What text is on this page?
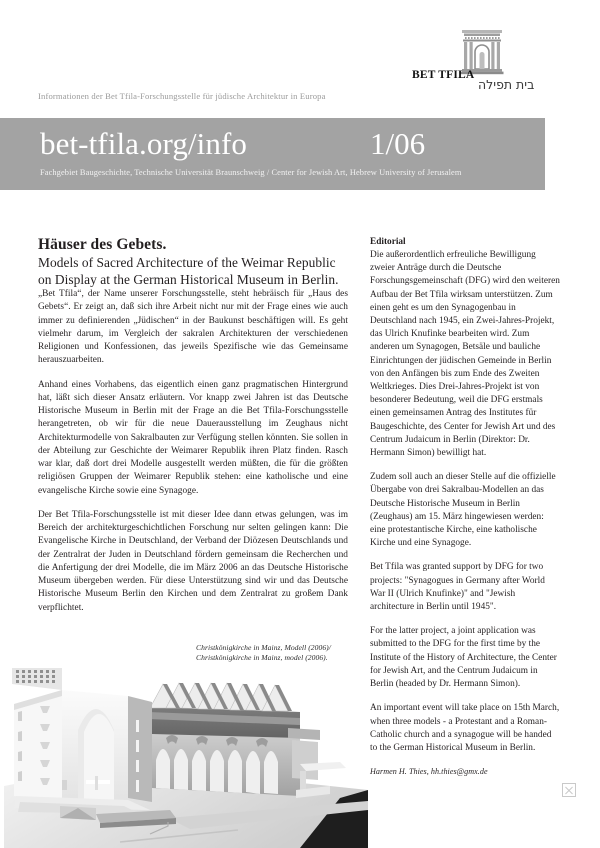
BET TFILA
בית תפילה
Informationen der Bet Tfila-Forschungsstelle für jüdische Architektur in Europa
bet-tfila.org/info	1/06
Fachgebiet Baugeschichte, Technische Universität Braunschweig / Center for Jewish Art, Hebrew University of Jerusalem
Häuser des Gebets.

Models of Sacred Architecture of the Weimar Republic

on Display at the German Historical Museum in Berlin.

„Bet Tfila“, der Name unserer Forschungsstelle, steht hebräisch für „Haus des Gebets“. Er zeigt an, daß sich ihre Arbeit nicht nur mit der Frage eines wie auch immer zu definierenden „Jüdischen“ in der Baukunst beschäftigen will. Es geht vielmehr darum, im Vergleich der sakralen Architekturen der verschiedenen Religionen und Konfessionen, das jeweils Spezifische wie das Gemeinsame herauszuarbeiten.

Anhand eines Vorhabens, das eigentlich einen ganz pragmatischen Hintergrund hat, läßt sich dieser Ansatz erläutern. Vor knapp zwei Jahren ist das Deutsche Historische Museum in Berlin mit der Frage an die Bet Tfila-Forschungsstelle herangetreten, ob wir für die neue Dauerausstellung im Zeughaus nicht Architekturmodelle von Sakralbauten zur Verfügung stellen könnten. Sie sollen in der Abteilung zur Geschichte der Weimarer Republik ihren Platz finden. Rasch war klar, daß dort drei Modelle ausgestellt werden müßten, die für die größten religiösen Gruppen der Weimarer Republik stehen: eine katholische und eine evangelische Kirche sowie eine Synagoge.

Der Bet Tfila-Forschungsstelle ist mit dieser Idee dann etwas gelungen, was im Bereich der architekturgeschichtlichen Forschung nur selten gelingen kann: Die Evangelische Kirche in Deutschland, der Verband der Diözesen Deutschlands und der Zentralrat der Juden in Deutschland fördern gemeinsam die Recherchen und die Anfertigung der drei Modelle, die im März 2006 an das Deutsche Historische Museum übergeben werden. Für diese Unterstützung sind wir und das Deutsche Historische Museum Berlin den Kirchen und dem Zentralrat zu großem Dank verpflichtet.

Editorial

Die außerordentlich erfreuliche Bewilligung zweier Anträge durch die Deutsche Forschungsgemeinschaft (DFG) wird den weiteren Aufbau der Bet Tfila wirksam unterstützen. Zum einen geht es um den Synagogenbau in Deutschland nach 1945, ein Zwei-Jahres-Projekt, das Ulrich Knufinke bearbeiten wird. Zum anderen um Synagogen, Betsäle und bauliche Einrichtungen der jüdischen Gemeinde in Berlin von den Anfängen bis zum Ende des Zweiten Weltkrieges. Dies Drei-Jahres-Projekt ist von besonderer Bedeutung, weil die DFG erstmals einen gemeinsamen Antrag des Institutes für Baugeschichte, des Center for Jewish Art und des Centrum Judaicum in Berlin (Direktor: Dr. Hermann Simon) bewilligt hat.

Zudem soll auch an dieser Stelle auf die offizielle Übergabe von drei Sakralbau-Modellen an das Deutsche Historische Museum in Berlin (Zeughaus) am 15. März hingewiesen werden: eine protestantische Kirche, eine katholische Kirche und eine Synagoge.

Bet Tfila was granted support by DFG for two projects: "Synagogues in Germany after World War II (Ulrich Knufinke)" and "Jewish architecture in Berlin until 1945".

For the latter project, a joint application was submitted to the DFG for the first time by the Institute of the History of Architecture, the Center for Jewish Art, and the Centrum Judaicum in Berlin (headed by Dr. Hermann Simon).

An important event will take place on 15th March, when three models - a Protestant and a Roman-Catholic church and a synagogue will be handed to the German Historical Museum in Berlin.

Harmen H. Thies, hh.thies@gmx.de

Christkönigkirche in Mainz, Modell (2006)/
Christkönigkirche in Mainz, model (2006).
